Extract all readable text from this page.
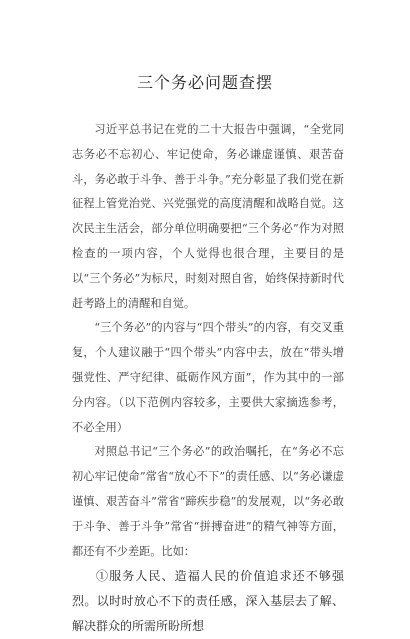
三个务必问题查摆

习近平总书记在党的二十大报告中强调，“全党同志务必不忘初心、牢记使命，务必谦虚谨慎、艰苦奋斗，务必敢于斗争、善于斗争。”充分彰显了我们党在新征程上管党治党、兴党强党的高度清醒和战略自觉。这次民主生活会，部分单位明确要把“三个务必”作为对照检查的一项内容，个人觉得也很合理，主要目的是以“三个务必”为标尺，时刻对照自省，始终保持新时代赶考路上的清醒和自觉。

“三个务必”的内容与“四个带头”的内容，有交叉重复，个人建议融于“四个带头”内容中去，放在“带头增强党性、严守纪律、砥砺作风方面”，作为其中的一部分内容。（以下范例内容较多，主要供大家摘选参考，不必全用）

对照总书记“三个务必”的政治嘱托，在“务必不忘初心牢记使命”常省“放心不下”的责任感、以“务必谦虚谨慎、艰苦奋斗”常省“蹄疾步稳”的发展观，以“务必敢于斗争、善于斗争”常省“拼搏奋进”的精气神等方面，都还有不少差距。比如：

①服务人民、造福人民的价值追求还不够强烈。以时时放心不下的责任感，深入基层去了解、解决群众的所需所盼所想
